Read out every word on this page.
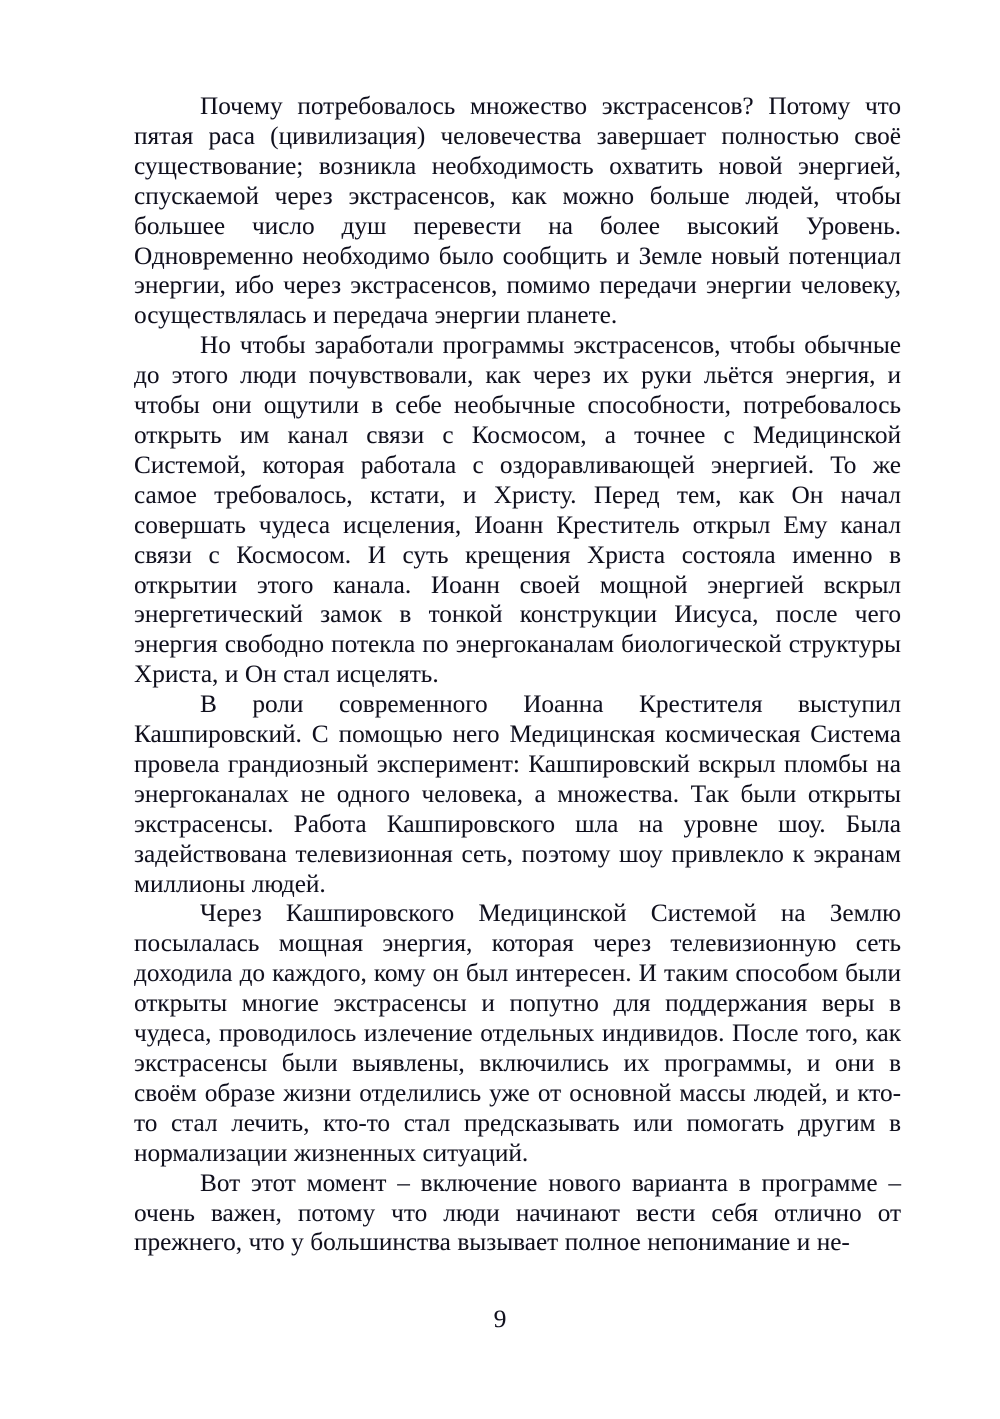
Почему потребовалось множество экстрасенсов? Потому что пятая раса (цивилизация) человечества завершает полностью своё существование; возникла необходимость охватить новой энергией, спускаемой через экстрасенсов, как можно больше людей, чтобы большее число душ перевести на более высокий Уровень. Одновременно необходимо было сообщить и Земле новый потенциал энергии, ибо через экстрасенсов, помимо передачи энергии человеку, осуществлялась и передача энергии планете.

Но чтобы заработали программы экстрасенсов, чтобы обычные до этого люди почувствовали, как через их руки льётся энергия, и чтобы они ощутили в себе необычные способности, потребовалось открыть им канал связи с Космосом, а точнее с Медицинской Системой, которая работала с оздоравливающей энергией. То же самое требовалось, кстати, и Христу. Перед тем, как Он начал совершать чудеса исцеления, Иоанн Креститель открыл Ему канал связи с Космосом. И суть крещения Христа состояла именно в открытии этого канала. Иоанн своей мощной энергией вскрыл энергетический замок в тонкой конструкции Иисуса, после чего энергия свободно потекла по энергоканалам биологической структуры Христа, и Он стал исцелять.

В роли современного Иоанна Крестителя выступил Кашпировский. С помощью него Медицинская космическая Система провела грандиозный эксперимент: Кашпировский вскрыл пломбы на энергоканалах не одного человека, а множества. Так были открыты экстрасенсы. Работа Кашпировского шла на уровне шоу. Была задействована телевизионная сеть, поэтому шоу привлекло к экранам миллионы людей.

Через Кашпировского Медицинской Системой на Землю посылалась мощная энергия, которая через телевизионную сеть доходила до каждого, кому он был интересен. И таким способом были открыты многие экстрасенсы и попутно для поддержания веры в чудеса, проводилось излечение отдельных индивидов. После того, как экстрасенсы были выявлены, включились их программы, и они в своём образе жизни отделились уже от основной массы людей, и кто-то стал лечить, кто-то стал предсказывать или помогать другим в нормализации жизненных ситуаций.

Вот этот момент – включение нового варианта в программе – очень важен, потому что люди начинают вести себя отлично от прежнего, что у большинства вызывает полное непонимание и не-

9
